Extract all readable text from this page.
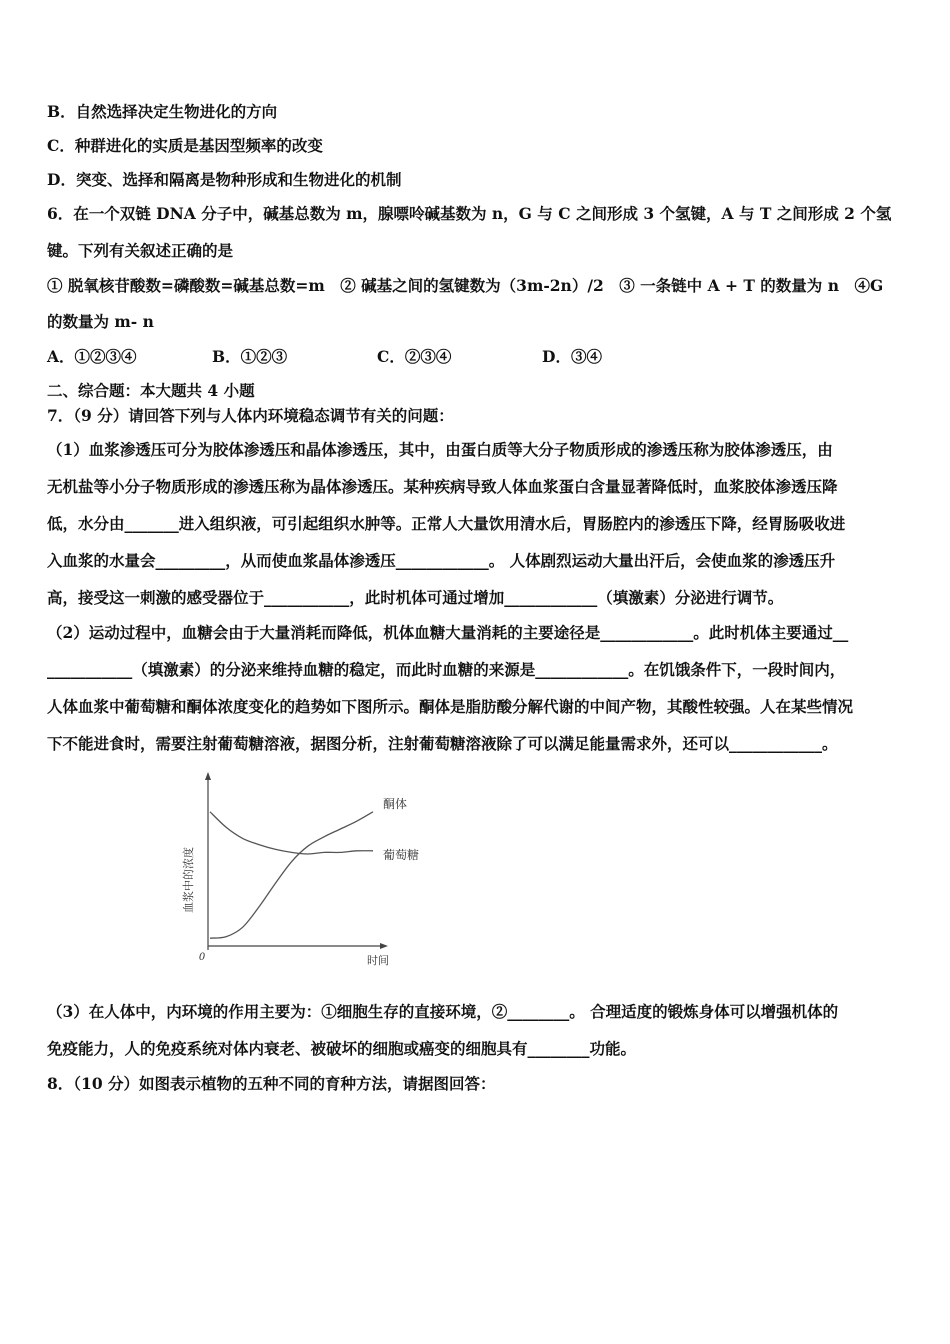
B．自然选择决定生物进化的方向
C．种群进化的实质是基因型频率的改变
D．突变、选择和隔离是物种形成和生物进化的机制
6．在一个双链 DNA 分子中，碱基总数为 m，腺嘌呤碱基数为 n，G 与 C 之间形成 3 个氢键，A 与 T 之间形成 2 个氢
键。下列有关叙述正确的是
① 脱氧核苷酸数=磷酸数=碱基总数=m　② 碱基之间的氢键数为（3m-2n）/2　③ 一条链中 A + T 的数量为 n　④G
的数量为 m- n
A．①②③④	B．①②③	C．②③④	D．③④
二、综合题：本大题共 4 小题
7．（9 分）请回答下列与人体内环境稳态调节有关的问题：
（1）血浆渗透压可分为胶体渗透压和晶体渗透压，其中，由蛋白质等大分子物质形成的渗透压称为胶体渗透压，由
无机盐等小分子物质形成的渗透压称为晶体渗透压。某种疾病导致人体血浆蛋白含量显著降低时，血浆胶体渗透压降
低，水分由_______进入组织液，可引起组织水肿等。正常人大量饮用清水后，胃肠腔内的渗透压下降，经胃肠吸收进
入血浆的水量会_________，从而使血浆晶体渗透压____________。 人体剧烈运动大量出汗后，会使血浆的渗透压升
高，接受这一刺激的感受器位于___________，此时机体可通过增加____________（填激素）分泌进行调节。
（2）运动过程中，血糖会由于大量消耗而降低，机体血糖大量消耗的主要途径是____________。此时机体主要通过__
___________（填激素）的分泌来维持血糖的稳定，而此时血糖的来源是____________。在饥饿条件下，一段时间内，
人体血浆中葡萄糖和酮体浓度变化的趋势如下图所示。酮体是脂肪酸分解代谢的中间产物，其酸性较强。人在某些情况
下不能进食时，需要注射葡萄糖溶液，据图分析，注射葡萄糖溶液除了可以满足能量需求外，还可以____________。
酮体
葡萄糖
血浆中的浓度
时间
0
（3）在人体中，内环境的作用主要为：①细胞生存的直接环境，②________。 合理适度的锻炼身体可以增强机体的
免疫能力，人的免疫系统对体内衰老、被破坏的细胞或癌变的细胞具有________功能。
8．（10 分）如图表示植物的五种不同的育种方法，请据图回答：
